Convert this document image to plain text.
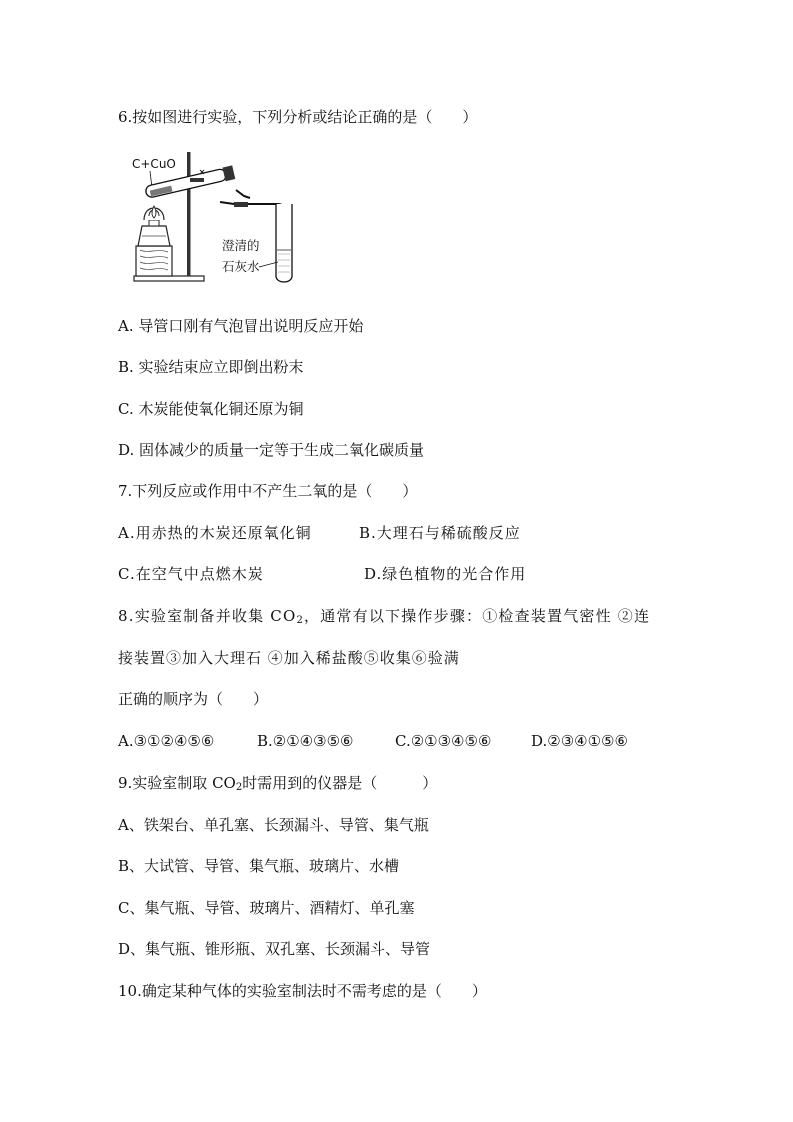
6.按如图进行实验，下列分析或结论正确的是（　　）
C+CuO
澄清的
石灰水
A. 导管口刚有气泡冒出说明反应开始
B. 实验结束应立即倒出粉末
C. 木炭能使氧化铜还原为铜
D. 固体减少的质量一定等于生成二氧化碳质量
7.下列反应或作用中不产生二氧的是（　　）
A.用赤热的木炭还原氧化铜	B.大理石与稀硫酸反应
C.在空气中点燃木炭	D.绿色植物的光合作用
8.实验室制备并收集 $CO_2$，通常有以下操作步骤：①检查装置气密性 ②连
接装置③加入大理石 ④加入稀盐酸⑤收集⑥验满
正确的顺序为（　　）
A.③①②④⑤⑥	B.②①④③⑤⑥	C.②①③④⑤⑥	D.②③④①⑤⑥
9.实验室制取 $CO_2$时需用到的仪器是（　　　）
A、铁架台、单孔塞、长颈漏斗、导管、集气瓶
B、大试管、导管、集气瓶、玻璃片、水槽
C、集气瓶、导管、玻璃片、酒精灯、单孔塞
D、集气瓶、锥形瓶、双孔塞、长颈漏斗、导管
10.确定某种气体的实验室制法时不需考虑的是（　　）
